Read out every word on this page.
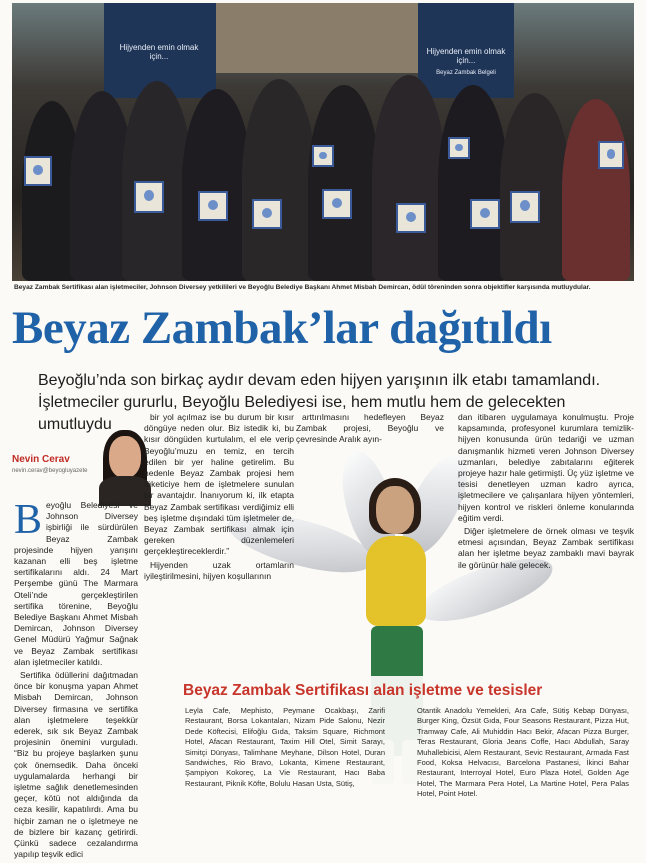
Hijyenden emin olmak için...
Hijyenden emin olmak için...
Beyaz Zambak Belgeli
Beyaz Zambak Sertifikası alan işletmeciler, Johnson Diversey yetkilileri ve Beyoğlu Belediye Başkanı Ahmet Misbah Demircan, ödül töreninden sonra objektifler karşısında mutluydular.
Beyaz Zambak’lar dağıtıldı
Beyoğlu’nda son birkaç aydır devam eden hijyen yarışının ilk etabı tamamlandı.
İşletmeciler gururlu, Beyoğlu Belediyesi ise, hem mutlu hem de gelecekten umutluydu
Nevin Cerav
nevin.cerav@beyogluyazete

Beyoğlu Belediyesi ve Johnson Diversey işbirliği ile sürdürülen Beyaz Zambak projesinde hijyen yarışını kazanan elli beş işletme sertifikalarını aldı. 24 Mart Perşembe günü The Marmara Oteli’nde gerçekleştirilen sertifika törenine, Beyoğlu Belediye Başkanı Ahmet Misbah Demircan, Johnson Diversey Genel Müdürü Yağmur Sağnak ve Beyaz Zambak sertifikası alan işletmeciler katıldı.

Sertifika ödüllerini dağıtmadan önce bir konuşma yapan Ahmet Misbah Demircan, Johnson Diversey firmasına ve sertifika alan işletmelere teşekkür ederek, sık sık Beyaz Zambak projesinin önemini vurguladı. “Biz bu projeye başlarken şunu çok önemsedik. Daha önceki uygulamalarda herhangi bir işletme sağlık denetlemesinden geçer, kötü not aldığında da ceza kesilir, kapatılırdı. Ama bu hiçbir zaman ne o işletmeye ne de bizlere bir kazanç getirirdi. Çünkü sadece cezalandırma yapılıp teşvik edici

bir yol açılmaz ise bu durum bir kısır döngüye neden olur. Biz istedik ki, bu kısır döngüden kurtulalım, el ele verip Beyoğlu’muzu en temiz, en tercih edilen bir yer haline getirelim. Bu nedenle Beyaz Zambak projesi hem tüketiciye hem de işletmelere sunulan bir avantajdır. İnanıyorum ki, ilk etapta Beyaz Zambak sertifikası verdiğimiz elli beş işletme dışındaki tüm işletmeler de, Beyaz Zambak sertifikası almak için gereken düzenlemeleri gerçekleştireceklerdir.”

Hijyenden uzak ortamların iyileştirilmesini, hijyen koşullarının

arttırılmasını hedefleyen Beyaz Zambak projesi, Beyoğlu ve çevresinde Aralık ayın-

dan itibaren uygulamaya konulmuştu. Proje kapsamında, profesyonel kurumlara temizlik-hijyen konusunda ürün tedariği ve uzman danışmanlık hizmeti veren Johnson Diversey uzmanları, belediye zabıtalarını eğiterek projeye hazır hale getirmişti. Üç yüz işletme ve tesisi denetleyen uzman kadro ayrıca, işletmecilere ve çalışanlara hijyen yöntemleri, hijyen kontrol ve riskleri önleme konularında eğitim verdi.

Diğer işletmelere de örnek olması ve teşvik etmesi açısından, Beyaz Zambak sertifikası alan her işletme beyaz zambaklı mavi bayrak ile görünür hale gelecek.

Beyaz Zambak Sertifikası alan işletme ve tesisler
Leyla Cafe, Mephisto, Peymane Ocakbaşı, Zarifi Restaurant, Borsa Lokantaları, Nizam Pide Salonu, Nezir Dede Köftecisi, Elifoğlu Gıda, Taksim Square, Richmont Hotel, Afacan Restaurant, Taxim Hill Otel, Simit Sarayı, Simitçi Dünyası, Talimhane Meyhane, Dilson Hotel, Duran Sandwiches, Rio Bravo, Lokanta, Kimene Restaurant, Şampiyon Kokoreç, La Vie Restaurant, Hacı Baba Restaurant, Piknik Köfte, Bolulu Hasan Usta, Sütiş,
Otantik Anadolu Yemekleri, Ara Cafe, Sütiş Kebap Dünyası, Burger King, Özsüt Gıda, Four Seasons Restaurant, Pizza Hut, Tramway Cafe, Ali Muhiddin Hacı Bekir, Afacan Pizza Burger, Teras Restaurant, Gloria Jeans Coffe, Hacı Abdullah, Saray Muhallebicisi, Alem Restaurant, Sevic Restaurant, Armada Fast Food, Koksa Helvacısı, Barcelona Pastanesi, İkinci Bahar Restaurant, Interroyal Hotel, Euro Plaza Hotel, Golden Age Hotel, The Marmara Pera Hotel, La Martine Hotel, Pera Palas Hotel, Point Hotel.
